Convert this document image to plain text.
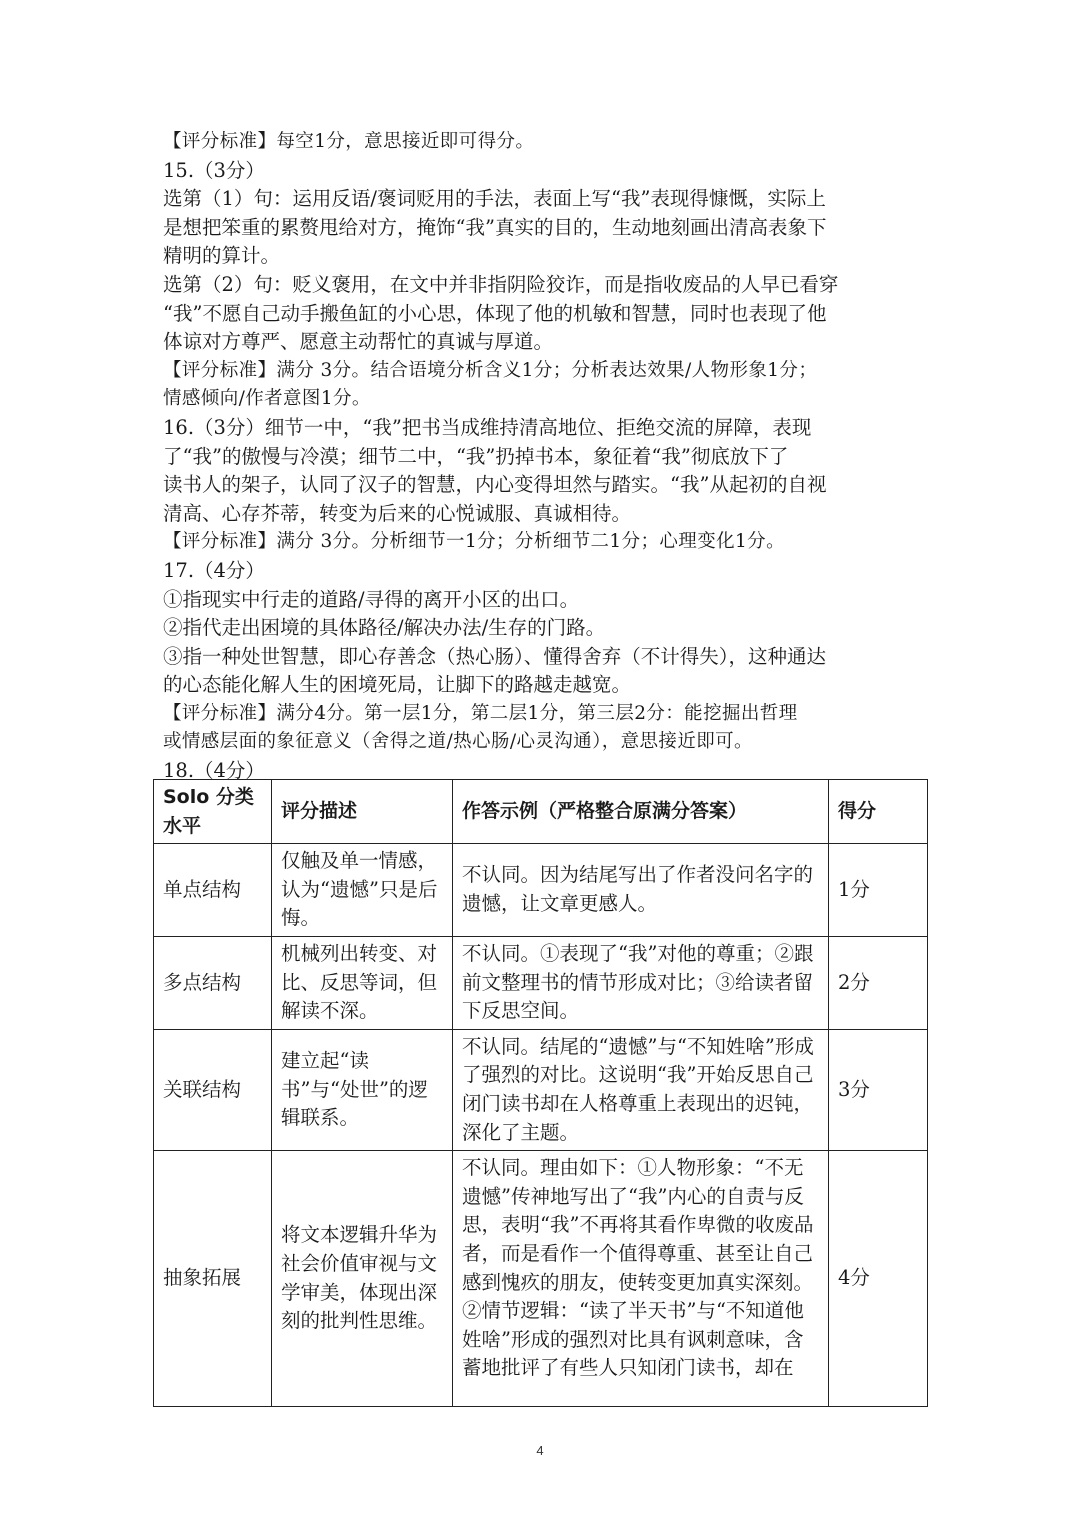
【评分标准】每空1分，意思接近即可得分。
15.（3分）
选第（1）句：运用反语/褒词贬用的手法，表面上写“我”表现得慷慨，实际上
是想把笨重的累赘甩给对方，掩饰“我”真实的目的，生动地刻画出清高表象下
精明的算计。
选第（2）句：贬义褒用，在文中并非指阴险狡诈，而是指收废品的人早已看穿
“我”不愿自己动手搬鱼缸的小心思，体现了他的机敏和智慧，同时也表现了他
体谅对方尊严、愿意主动帮忙的真诚与厚道。
【评分标准】满分 3分。结合语境分析含义1分；分析表达效果/人物形象1分；
情感倾向/作者意图1分。
16.（3分）细节一中，“我”把书当成维持清高地位、拒绝交流的屏障，表现
了“我”的傲慢与冷漠；细节二中，“我”扔掉书本，象征着“我”彻底放下了
读书人的架子，认同了汉子的智慧，内心变得坦然与踏实。“我”从起初的自视
清高、心存芥蒂，转变为后来的心悦诚服、真诚相待。
【评分标准】满分 3分。分析细节一1分；分析细节二1分；心理变化1分。
17.（4分）
①指现实中行走的道路/寻得的离开小区的出口。
②指代走出困境的具体路径/解决办法/生存的门路。
③指一种处世智慧，即心存善念（热心肠）、懂得舍弃（不计得失），这种通达
的心态能化解人生的困境死局，让脚下的路越走越宽。
【评分标准】满分4分。第一层1分，第二层1分，第三层2分：能挖掘出哲理
或情感层面的象征意义（舍得之道/热心肠/心灵沟通），意思接近即可。
18.（4分）
Solo 分类水平	评分描述	作答示例（严格整合原满分答案）	得分
单点结构	仅触及单一情感，认为“遗憾”只是后悔。	不认同。因为结尾写出了作者没问名字的遗憾，让文章更感人。	1分
多点结构	机械列出转变、对比、反思等词，但解读不深。	不认同。①表现了“我”对他的尊重；②跟前文整理书的情节形成对比；③给读者留下反思空间。	2分
关联结构	建立起“读书”与“处世”的逻辑联系。	不认同。结尾的“遗憾”与“不知姓啥”形成了强烈的对比。这说明“我”开始反思自己闭门读书却在人格尊重上表现出的迟钝，深化了主题。	3分
抽象拓展	将文本逻辑升华为社会价值审视与文学审美，体现出深刻的批判性思维。	不认同。理由如下：①人物形象：“不无遗憾”传神地写出了“我”内心的自责与反思，表明“我”不再将其看作卑微的收废品者，而是看作一个值得尊重、甚至让自己感到愧疚的朋友，使转变更加真实深刻。②情节逻辑：“读了半天书”与“不知道他姓啥”形成的强烈对比具有讽刺意味，含蓄地批评了有些人只知闭门读书，却在	4分
4
